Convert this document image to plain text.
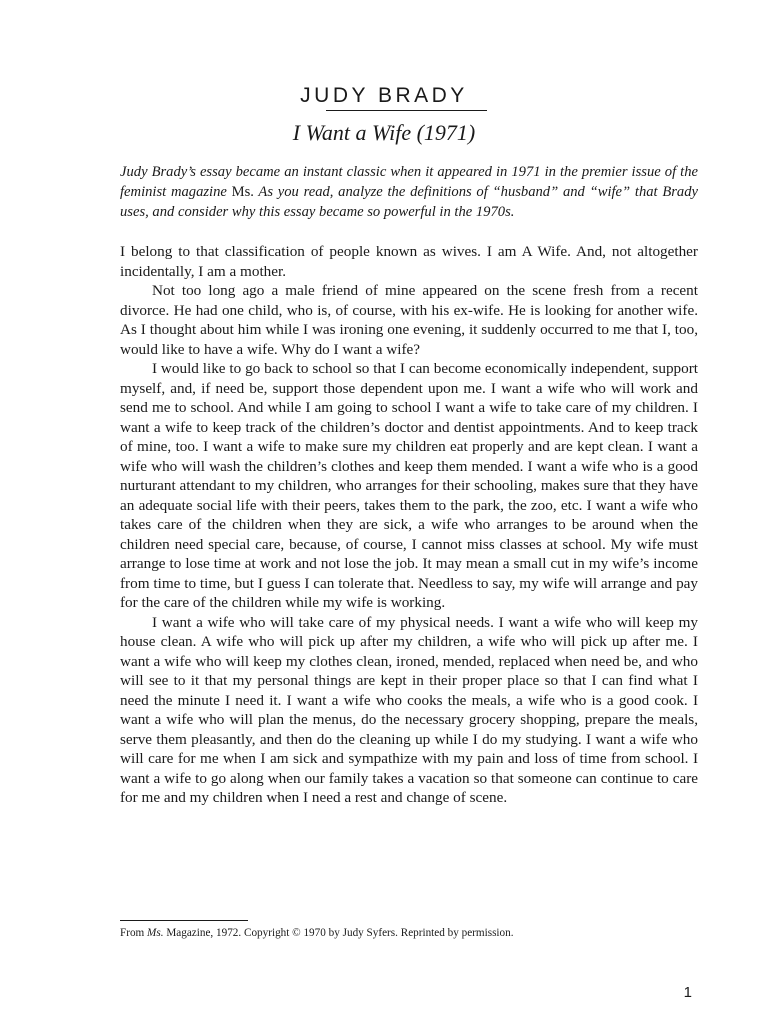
JUDY BRADY
I Want a Wife (1971)

Judy Brady’s essay became an instant classic when it appeared in 1971 in the premier issue of the feminist magazine Ms. As you read, analyze the definitions of “husband” and “wife” that Brady uses, and consider why this essay became so powerful in the 1970s.

I belong to that classification of people known as wives. I am A Wife. And, not altogether incidentally, I am a mother.

Not too long ago a male friend of mine appeared on the scene fresh from a recent divorce. He had one child, who is, of course, with his ex-wife. He is looking for another wife. As I thought about him while I was ironing one evening, it suddenly occurred to me that I, too, would like to have a wife. Why do I want a wife?

I would like to go back to school so that I can become economically independent, support myself, and, if need be, support those dependent upon me. I want a wife who will work and send me to school. And while I am going to school I want a wife to take care of my children. I want a wife to keep track of the children’s doctor and dentist appointments. And to keep track of mine, too. I want a wife to make sure my children eat properly and are kept clean. I want a wife who will wash the children’s clothes and keep them mended. I want a wife who is a good nurturant attendant to my children, who arranges for their schooling, makes sure that they have an adequate social life with their peers, takes them to the park, the zoo, etc. I want a wife who takes care of the children when they are sick, a wife who arranges to be around when the children need special care, because, of course, I cannot miss classes at school. My wife must arrange to lose time at work and not lose the job. It may mean a small cut in my wife’s income from time to time, but I guess I can tolerate that. Needless to say, my wife will arrange and pay for the care of the children while my wife is working.

I want a wife who will take care of my physical needs. I want a wife who will keep my house clean. A wife who will pick up after my children, a wife who will pick up after me. I want a wife who will keep my clothes clean, ironed, mended, replaced when need be, and who will see to it that my personal things are kept in their proper place so that I can find what I need the minute I need it. I want a wife who cooks the meals, a wife who is a good cook. I want a wife who will plan the menus, do the necessary grocery shopping, prepare the meals, serve them pleasantly, and then do the cleaning up while I do my studying. I want a wife who will care for me when I am sick and sympathize with my pain and loss of time from school. I want a wife to go along when our family takes a vacation so that someone can continue to care for me and my children when I need a rest and change of scene.

From Ms. Magazine, 1972. Copyright © 1970 by Judy Syfers. Reprinted by permission.

1
